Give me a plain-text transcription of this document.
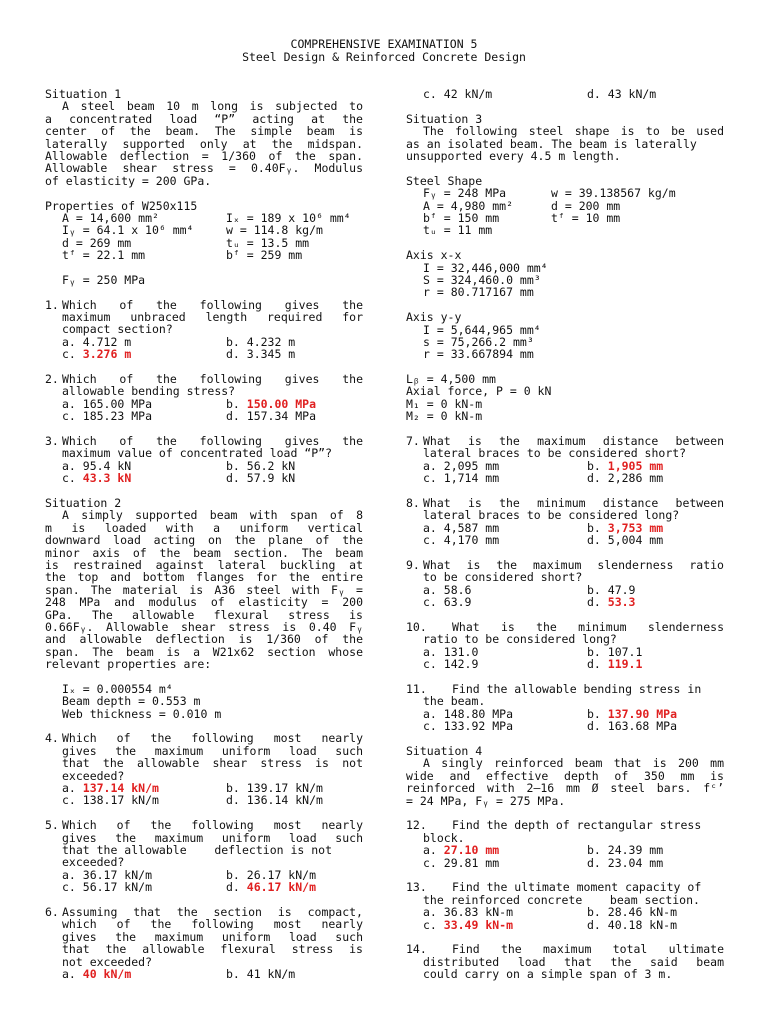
COMPREHENSIVE EXAMINATION 5
Steel Design & Reinforced Concrete Design
Situation 1
A steel beam 10 m long is subjected to
a concentrated load “P” acting at the
center of the beam. The simple beam is
laterally supported only at the midspan.
Allowable deflection = 1/360 of the span.
Allowable shear stress = 0.40Fᵧ. Modulus
of elasticity = 200 GPa.
Properties of W250x115
A = 14,600 mm²	Iₓ = 189 x 10⁶ mm⁴
Iᵧ = 64.1 x 10⁶ mm⁴	w = 114.8 kg/m
d = 269 mm	tᵤ = 13.5 mm
tᶠ = 22.1 mm	bᶠ = 259 mm
Fᵧ = 250 MPa
1. Which of the following gives the
maximum unbraced length required for
compact section?
a. 4.712 m	b. 4.232 m
c. 3.276 m	d. 3.345 m
2. Which of the following gives the
allowable bending stress?
a. 165.00 MPa	b. 150.00 MPa
c. 185.23 MPa	d. 157.34 MPa
3. Which of the following gives the
maximum value of concentrated load “P”?
a. 95.4 kN	b. 56.2 kN
c. 43.3 kN	d. 57.9 kN
Situation 2
A simply supported beam with span of 8
m is loaded with a uniform vertical
downward load acting on the plane of the
minor axis of the beam section. The beam
is restrained against lateral buckling at
the top and bottom flanges for the entire
span. The material is A36 steel with Fᵧ =
248 MPa and modulus of elasticity = 200
GPa. The allowable flexural stress is
0.66Fᵧ. Allowable shear stress is 0.40 Fᵧ
and allowable deflection is 1/360 of the
span. The beam is a W21x62 section whose
relevant properties are:
Iₓ = 0.000554 m⁴
Beam depth = 0.553 m
Web thickness = 0.010 m
4. Which of the following most nearly
gives the maximum uniform load such
that the allowable shear stress is not
exceeded?
a. 137.14 kN/m	b. 139.17 kN/m
c. 138.17 kN/m	d. 136.14 kN/m
5. Which of the following most nearly
gives the maximum uniform load such
that the allowable    deflection is not
exceeded?
a. 36.17 kN/m	b. 26.17 kN/m
c. 56.17 kN/m	d. 46.17 kN/m
6. Assuming that the section is compact,
which of the following most nearly
gives the maximum uniform load such
that the allowable flexural stress is
not exceeded?
a. 40 kN/m	b. 41 kN/m
c. 42 kN/m	d. 43 kN/m
Situation 3
The following steel shape is to be used
as an isolated beam. The beam is laterally
unsupported every 4.5 m length.
Steel Shape
Fᵧ = 248 MPa	w = 39.138567 kg/m
A = 4,980 mm²	d = 200 mm
bᶠ = 150 mm	tᶠ = 10 mm
tᵤ = 11 mm
Axis x-x
I = 32,446,000 mm⁴
S = 324,460.0 mm³
r = 80.717167 mm
Axis y-y
I = 5,644,965 mm⁴
s = 75,266.2 mm³
r = 33.667894 mm
Lᵦ = 4,500 mm
Axial force, P = 0 kN
M₁ = 0 kN-m
M₂ = 0 kN-m
7. What is the maximum distance between
lateral braces to be considered short?
a. 2,095 mm	b. 1,905 mm
c. 1,714 mm	d. 2,286 mm
8. What is the minimum distance between
lateral braces to be considered long?
a. 4,587 mm	b. 3,753 mm
c. 4,170 mm	d. 5,004 mm
9. What is the maximum slenderness ratio
to be considered short?
a. 58.6	b. 47.9
c. 63.9	d. 53.3
10.	What is the minimum slenderness
ratio to be considered long?
a. 131.0	b. 107.1
c. 142.9	d. 119.1
11.	Find the allowable bending stress in
the beam.
a. 148.80 MPa	b. 137.90 MPa
c. 133.92 MPa	d. 163.68 MPa
Situation 4
A singly reinforced beam that is 200 mm
wide and effective depth of 350 mm is
reinforced with 2–16 mm Ø steel bars. fᶜ’
= 24 MPa, Fᵧ = 275 MPa.
12.	Find the depth of rectangular stress
block.
a. 27.10 mm	b. 24.39 mm
c. 29.81 mm	d. 23.04 mm
13.	Find the ultimate moment capacity of
the reinforced concrete    beam section.
a. 36.83 kN-m	b. 28.46 kN-m
c. 33.49 kN-m	d. 40.18 kN-m
14.	Find the maximum total ultimate
distributed load that the said beam
could carry on a simple span of 3 m.
